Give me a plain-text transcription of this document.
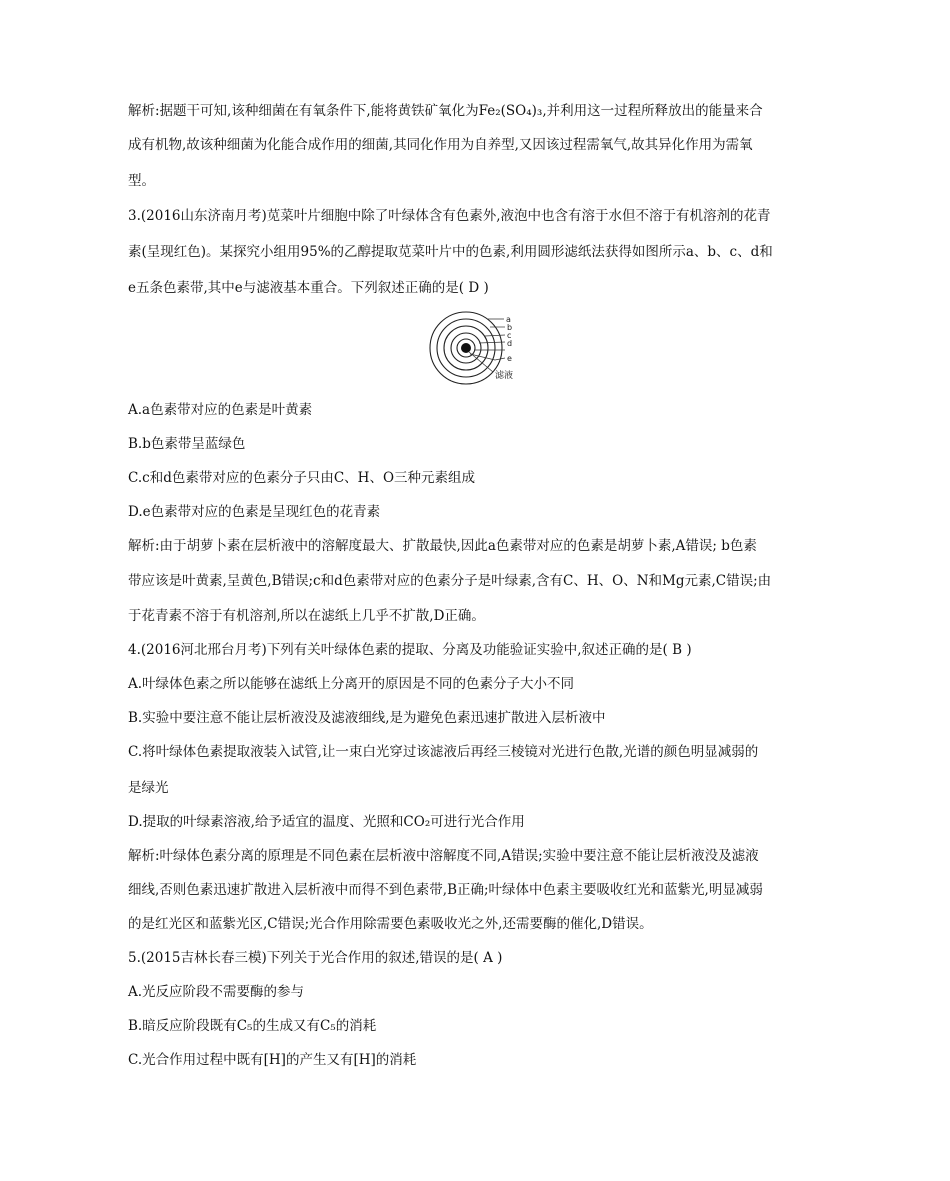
解析:据题干可知,该种细菌在有氧条件下,能将黄铁矿氧化为Fe₂(SO₄)₃,并利用这一过程所释放出的能量来合
成有机物,故该种细菌为化能合成作用的细菌,其同化作用为自养型,又因该过程需氧气,故其异化作用为需氧
型。
3.(2016山东济南月考)苋菜叶片细胞中除了叶绿体含有色素外,液泡中也含有溶于水但不溶于有机溶剂的花青
素(呈现红色)。某探究小组用95%的乙醇提取苋菜叶片中的色素,利用圆形滤纸法获得如图所示a、b、c、d和
e五条色素带,其中e与滤液基本重合。下列叙述正确的是( D )
a
b
c
d
e
滤液
A.a色素带对应的色素是叶黄素
B.b色素带呈蓝绿色
C.c和d色素带对应的色素分子只由C、H、O三种元素组成
D.e色素带对应的色素是呈现红色的花青素
解析:由于胡萝卜素在层析液中的溶解度最大、扩散最快,因此a色素带对应的色素是胡萝卜素,A错误; b色素
带应该是叶黄素,呈黄色,B错误;c和d色素带对应的色素分子是叶绿素,含有C、H、O、N和Mg元素,C错误;由
于花青素不溶于有机溶剂,所以在滤纸上几乎不扩散,D正确。
4.(2016河北邢台月考)下列有关叶绿体色素的提取、分离及功能验证实验中,叙述正确的是( B )
A.叶绿体色素之所以能够在滤纸上分离开的原因是不同的色素分子大小不同
B.实验中要注意不能让层析液没及滤液细线,是为避免色素迅速扩散进入层析液中
C.将叶绿体色素提取液装入试管,让一束白光穿过该滤液后再经三棱镜对光进行色散,光谱的颜色明显减弱的
是绿光
D.提取的叶绿素溶液,给予适宜的温度、光照和CO₂可进行光合作用
解析:叶绿体色素分离的原理是不同色素在层析液中溶解度不同,A错误;实验中要注意不能让层析液没及滤液
细线,否则色素迅速扩散进入层析液中而得不到色素带,B正确;叶绿体中色素主要吸收红光和蓝紫光,明显减弱
的是红光区和蓝紫光区,C错误;光合作用除需要色素吸收光之外,还需要酶的催化,D错误。
5.(2015吉林长春三模)下列关于光合作用的叙述,错误的是( A )
A.光反应阶段不需要酶的参与
B.暗反应阶段既有C₅的生成又有C₅的消耗
C.光合作用过程中既有[H]的产生又有[H]的消耗
